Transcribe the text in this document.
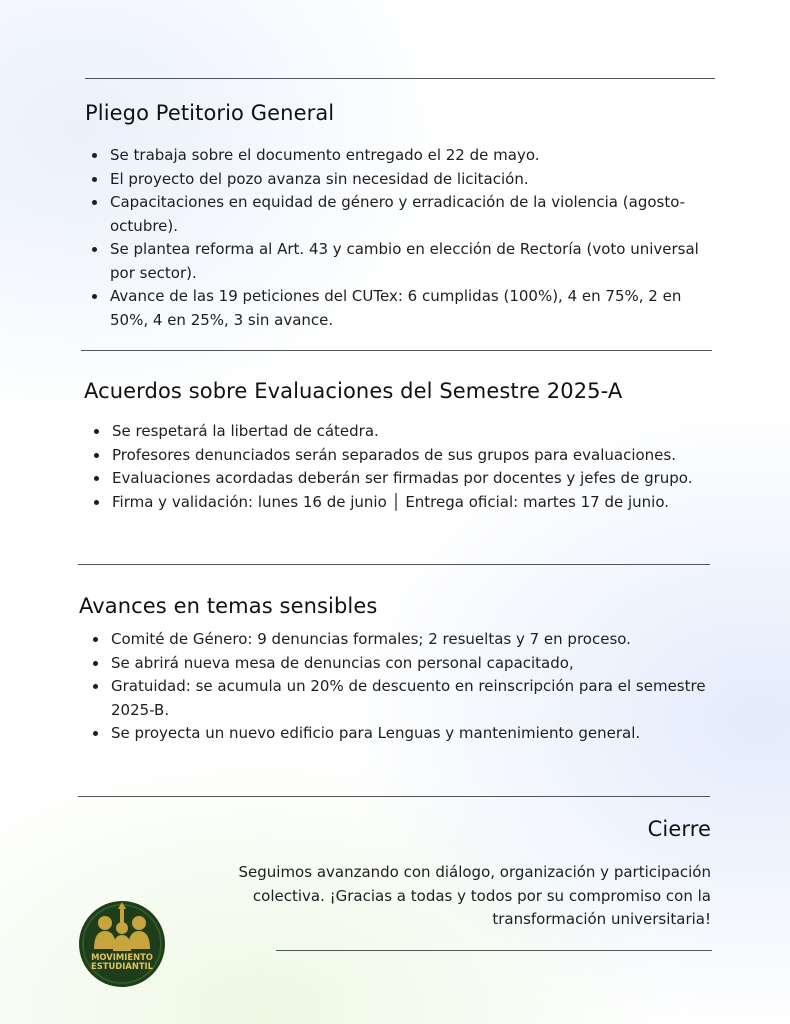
Pliego Petitorio General
• Se trabaja sobre el documento entregado el 22 de mayo.
• El proyecto del pozo avanza sin necesidad de licitación.
• Capacitaciones en equidad de género y erradicación de la violencia (agosto-octubre).
• Se plantea reforma al Art. 43 y cambio en elección de Rectoría (voto universal por sector).
• Avance de las 19 peticiones del CUTex: 6 cumplidas (100%), 4 en 75%, 2 en 50%, 4 en 25%, 3 sin avance.
Acuerdos sobre Evaluaciones del Semestre 2025-A
• Se respetará la libertad de cátedra.
• Profesores denunciados serán separados de sus grupos para evaluaciones.
• Evaluaciones acordadas deberán ser firmadas por docentes y jefes de grupo.
• Firma y validación: lunes 16 de junio │ Entrega oficial: martes 17 de junio.
Avances en temas sensibles
• Comité de Género: 9 denuncias formales; 2 resueltas y 7 en proceso.
• Se abrirá nueva mesa de denuncias con personal capacitado,
• Gratuidad: se acumula un 20% de descuento en reinscripción para el semestre 2025-B.
• Se proyecta un nuevo edificio para Lenguas y mantenimiento general.
Cierre

Seguimos avanzando con diálogo, organización y participación colectiva. ¡Gracias a todas y todos por su compromiso con la transformación universitaria!

MOVIMIENTO
ESTUDIANTIL
